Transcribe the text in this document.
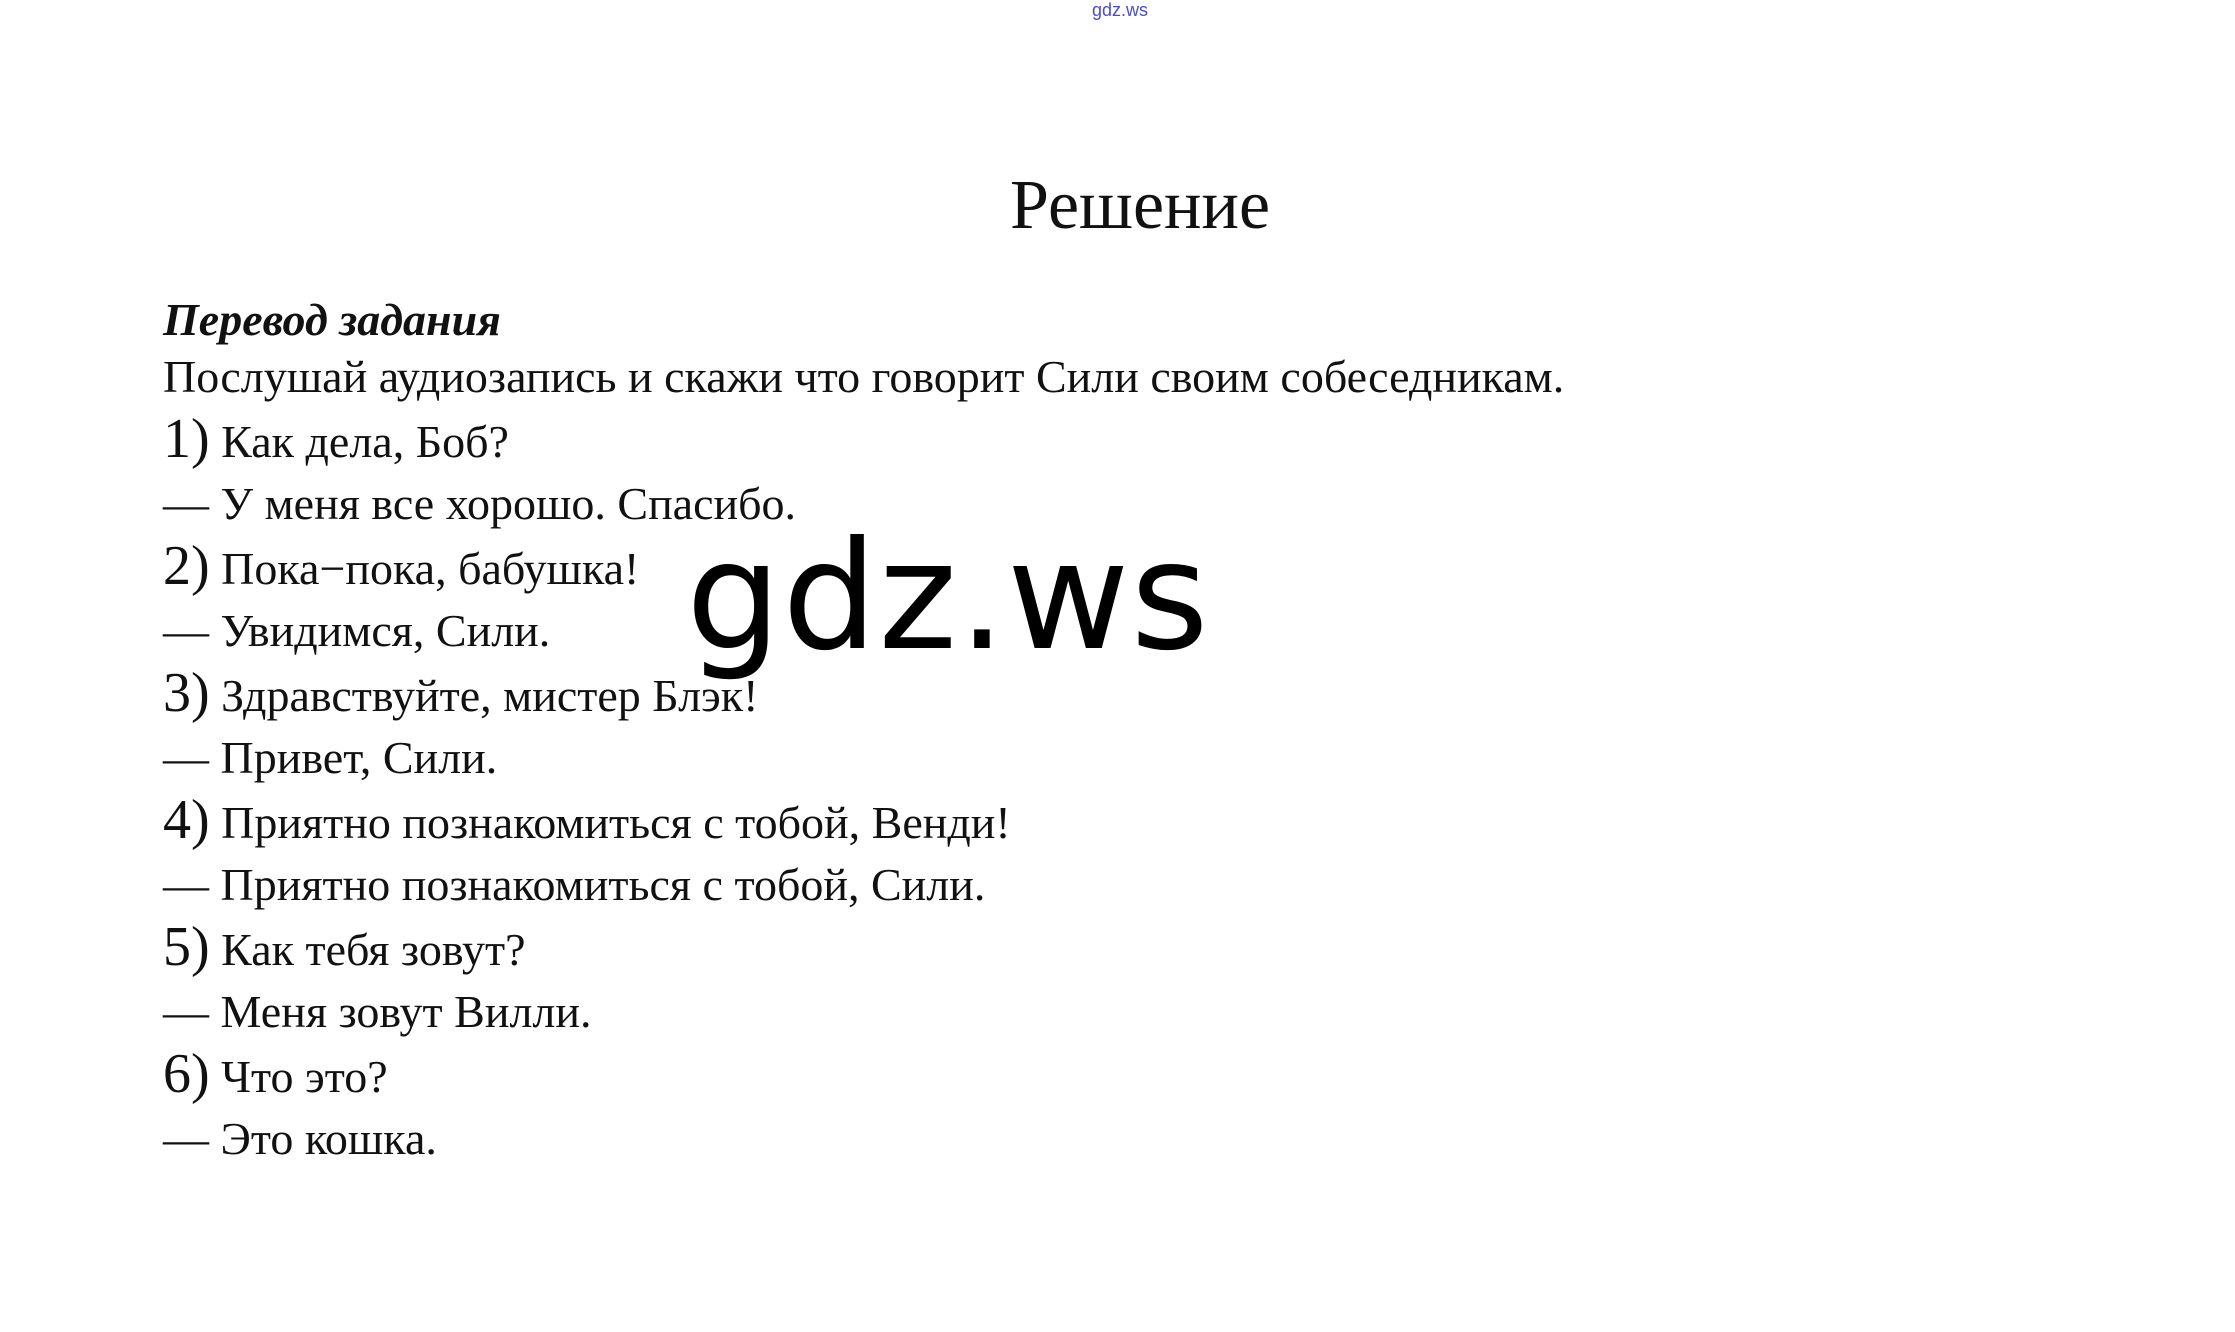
gdz.ws
Решение

Перевод задания

Послушай аудиозапись и скажи что говорит Сили своим собеседникам.

1) Как дела, Боб?

— У меня все хорошо. Спасибо.

2) Пока−пока, бабушка!

— Увидимся, Сили.

3) Здравствуйте, мистер Блэк!

— Привет, Сили.

4) Приятно познакомиться с тобой, Венди!

— Приятно познакомиться с тобой, Сили.

5) Как тебя зовут?

— Меня зовут Вилли.

6) Что это?

— Это кошка.

gdz.ws
